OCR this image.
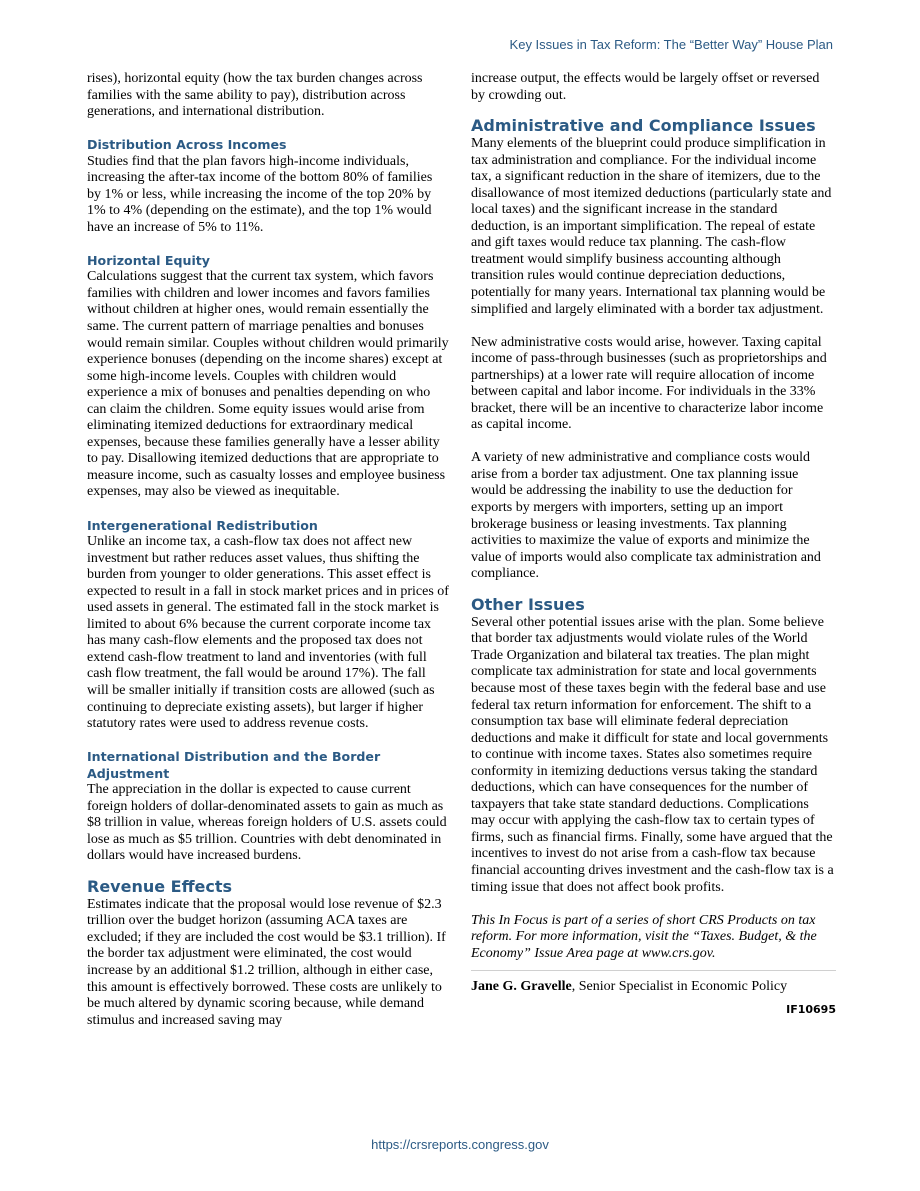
Key Issues in Tax Reform: The “Better Way” House Plan

rises), horizontal equity (how the tax burden changes across families with the same ability to pay), distribution across generations, and international distribution.

Distribution Across Incomes

Studies find that the plan favors high-income individuals, increasing the after-tax income of the bottom 80% of families by 1% or less, while increasing the income of the top 20% by 1% to 4% (depending on the estimate), and the top 1% would have an increase of 5% to 11%.

Horizontal Equity

Calculations suggest that the current tax system, which favors families with children and lower incomes and favors families without children at higher ones, would remain essentially the same. The current pattern of marriage penalties and bonuses would remain similar. Couples without children would primarily experience bonuses (depending on the income shares) except at some high-income levels. Couples with children would experience a mix of bonuses and penalties depending on who can claim the children. Some equity issues would arise from eliminating itemized deductions for extraordinary medical expenses, because these families generally have a lesser ability to pay. Disallowing itemized deductions that are appropriate to measure income, such as casualty losses and employee business expenses, may also be viewed as inequitable.

Intergenerational Redistribution

Unlike an income tax, a cash-flow tax does not affect new investment but rather reduces asset values, thus shifting the burden from younger to older generations. This asset effect is expected to result in a fall in stock market prices and in prices of used assets in general. The estimated fall in the stock market is limited to about 6% because the current corporate income tax has many cash-flow elements and the proposed tax does not extend cash-flow treatment to land and inventories (with full cash flow treatment, the fall would be around 17%). The fall will be smaller initially if transition costs are allowed (such as continuing to depreciate existing assets), but larger if higher statutory rates were used to address revenue costs.

International Distribution and the Border Adjustment

The appreciation in the dollar is expected to cause current foreign holders of dollar-denominated assets to gain as much as $8 trillion in value, whereas foreign holders of U.S. assets could lose as much as $5 trillion. Countries with debt denominated in dollars would have increased burdens.

Revenue Effects

Estimates indicate that the proposal would lose revenue of $2.3 trillion over the budget horizon (assuming ACA taxes are excluded; if they are included the cost would be $3.1 trillion). If the border tax adjustment were eliminated, the cost would increase by an additional $1.2 trillion, although in either case, this amount is effectively borrowed. These costs are unlikely to be much altered by dynamic scoring because, while demand stimulus and increased saving may

increase output, the effects would be largely offset or reversed by crowding out.

Administrative and Compliance Issues

Many elements of the blueprint could produce simplification in tax administration and compliance. For the individual income tax, a significant reduction in the share of itemizers, due to the disallowance of most itemized deductions (particularly state and local taxes) and the significant increase in the standard deduction, is an important simplification. The repeal of estate and gift taxes would reduce tax planning. The cash-flow treatment would simplify business accounting although transition rules would continue depreciation deductions, potentially for many years. International tax planning would be simplified and largely eliminated with a border tax adjustment.

New administrative costs would arise, however. Taxing capital income of pass-through businesses (such as proprietorships and partnerships) at a lower rate will require allocation of income between capital and labor income. For individuals in the 33% bracket, there will be an incentive to characterize labor income as capital income.

A variety of new administrative and compliance costs would arise from a border tax adjustment. One tax planning issue would be addressing the inability to use the deduction for exports by mergers with importers, setting up an import brokerage business or leasing investments. Tax planning activities to maximize the value of exports and minimize the value of imports would also complicate tax administration and compliance.

Other Issues

Several other potential issues arise with the plan. Some believe that border tax adjustments would violate rules of the World Trade Organization and bilateral tax treaties. The plan might complicate tax administration for state and local governments because most of these taxes begin with the federal base and use federal tax return information for enforcement. The shift to a consumption tax base will eliminate federal depreciation deductions and make it difficult for state and local governments to continue with income taxes. States also sometimes require conformity in itemizing deductions versus taking the standard deductions, which can have consequences for the number of taxpayers that take state standard deductions. Complications may occur with applying the cash-flow tax to certain types of firms, such as financial firms. Finally, some have argued that the incentives to invest do not arise from a cash-flow tax because financial accounting drives investment and the cash-flow tax is a timing issue that does not affect book profits.

This In Focus is part of a series of short CRS Products on tax reform. For more information, visit the “Taxes. Budget, & the Economy” Issue Area page at www.crs.gov.

Jane G. Gravelle, Senior Specialist in Economic Policy

IF10695
https://crsreports.congress.gov
